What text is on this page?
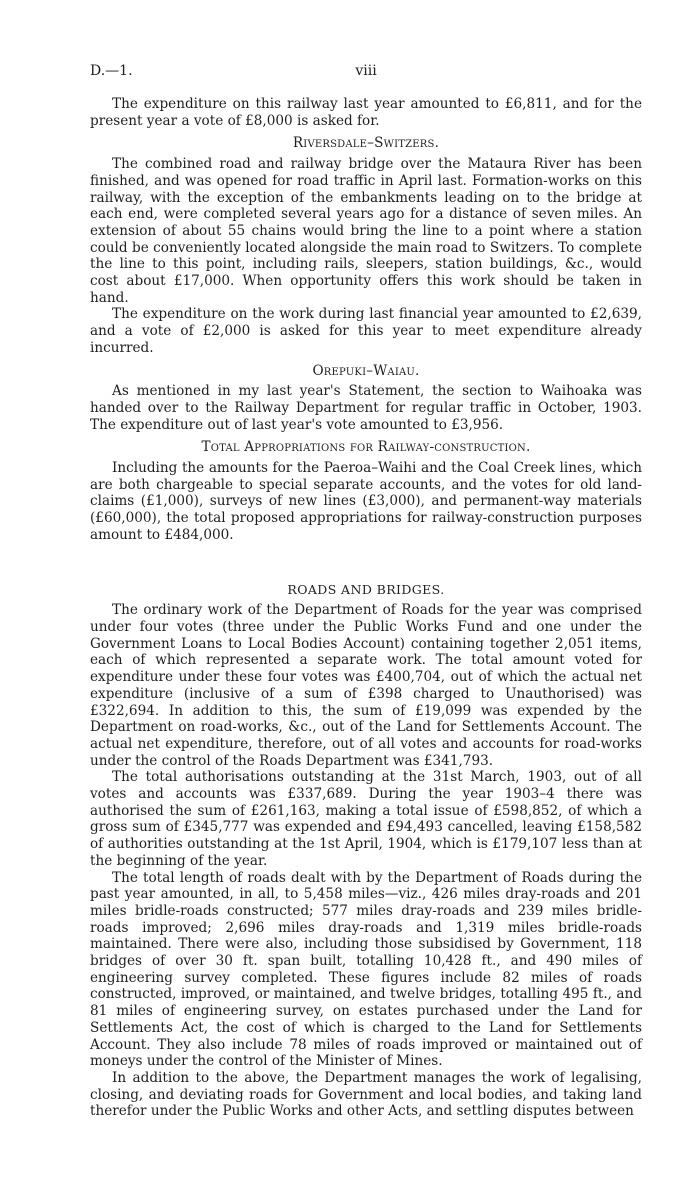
D.—1.	viii

The expenditure on this railway last year amounted to £6,811, and for the present year a vote of £8,000 is asked for.

Riversdale–Switzers.

The combined road and railway bridge over the Mataura River has been finished, and was opened for road traffic in April last. Formation-works on this railway, with the exception of the embankments leading on to the bridge at each end, were completed several years ago for a distance of seven miles. An extension of about 55 chains would bring the line to a point where a station could be conveniently located alongside the main road to Switzers. To complete the line to this point, including rails, sleepers, station buildings, &c., would cost about £17,000. When opportunity offers this work should be taken in hand.

The expenditure on the work during last financial year amounted to £2,639, and a vote of £2,000 is asked for this year to meet expenditure already incurred.

Orepuki–Waiau.

As mentioned in my last year's Statement, the section to Waihoaka was handed over to the Railway Department for regular traffic in October, 1903. The expenditure out of last year's vote amounted to £3,956.

Total Appropriations for Railway-construction.

Including the amounts for the Paeroa–Waihi and the Coal Creek lines, which are both chargeable to special separate accounts, and the votes for old land-claims (£1,000), surveys of new lines (£3,000), and permanent-way materials (£60,000), the total proposed appropriations for railway-construction purposes amount to £484,000.

ROADS AND BRIDGES.

The ordinary work of the Department of Roads for the year was comprised under four votes (three under the Public Works Fund and one under the Government Loans to Local Bodies Account) containing together 2,051 items, each of which represented a separate work. The total amount voted for expenditure under these four votes was £400,704, out of which the actual net expenditure (inclusive of a sum of £398 charged to Unauthorised) was £322,694. In addition to this, the sum of £19,099 was expended by the Department on road-works, &c., out of the Land for Settlements Account. The actual net expenditure, therefore, out of all votes and accounts for road-works under the control of the Roads Department was £341,793.

The total authorisations outstanding at the 31st March, 1903, out of all votes and accounts was £337,689. During the year 1903–4 there was authorised the sum of £261,163, making a total issue of £598,852, of which a gross sum of £345,777 was expended and £94,493 cancelled, leaving £158,582 of authorities outstanding at the 1st April, 1904, which is £179,107 less than at the beginning of the year.

The total length of roads dealt with by the Department of Roads during the past year amounted, in all, to 5,458 miles—viz., 426 miles dray-roads and 201 miles bridle-roads constructed; 577 miles dray-roads and 239 miles bridle-roads improved; 2,696 miles dray-roads and 1,319 miles bridle-roads maintained. There were also, including those subsidised by Government, 118 bridges of over 30 ft. span built, totalling 10,428 ft., and 490 miles of engineering survey completed. These figures include 82 miles of roads constructed, improved, or maintained, and twelve bridges, totalling 495 ft., and 81 miles of engineering survey, on estates purchased under the Land for Settlements Act, the cost of which is charged to the Land for Settlements Account. They also include 78 miles of roads improved or maintained out of moneys under the control of the Minister of Mines.

In addition to the above, the Department manages the work of legalising, closing, and deviating roads for Government and local bodies, and taking land therefor under the Public Works and other Acts, and settling disputes between
